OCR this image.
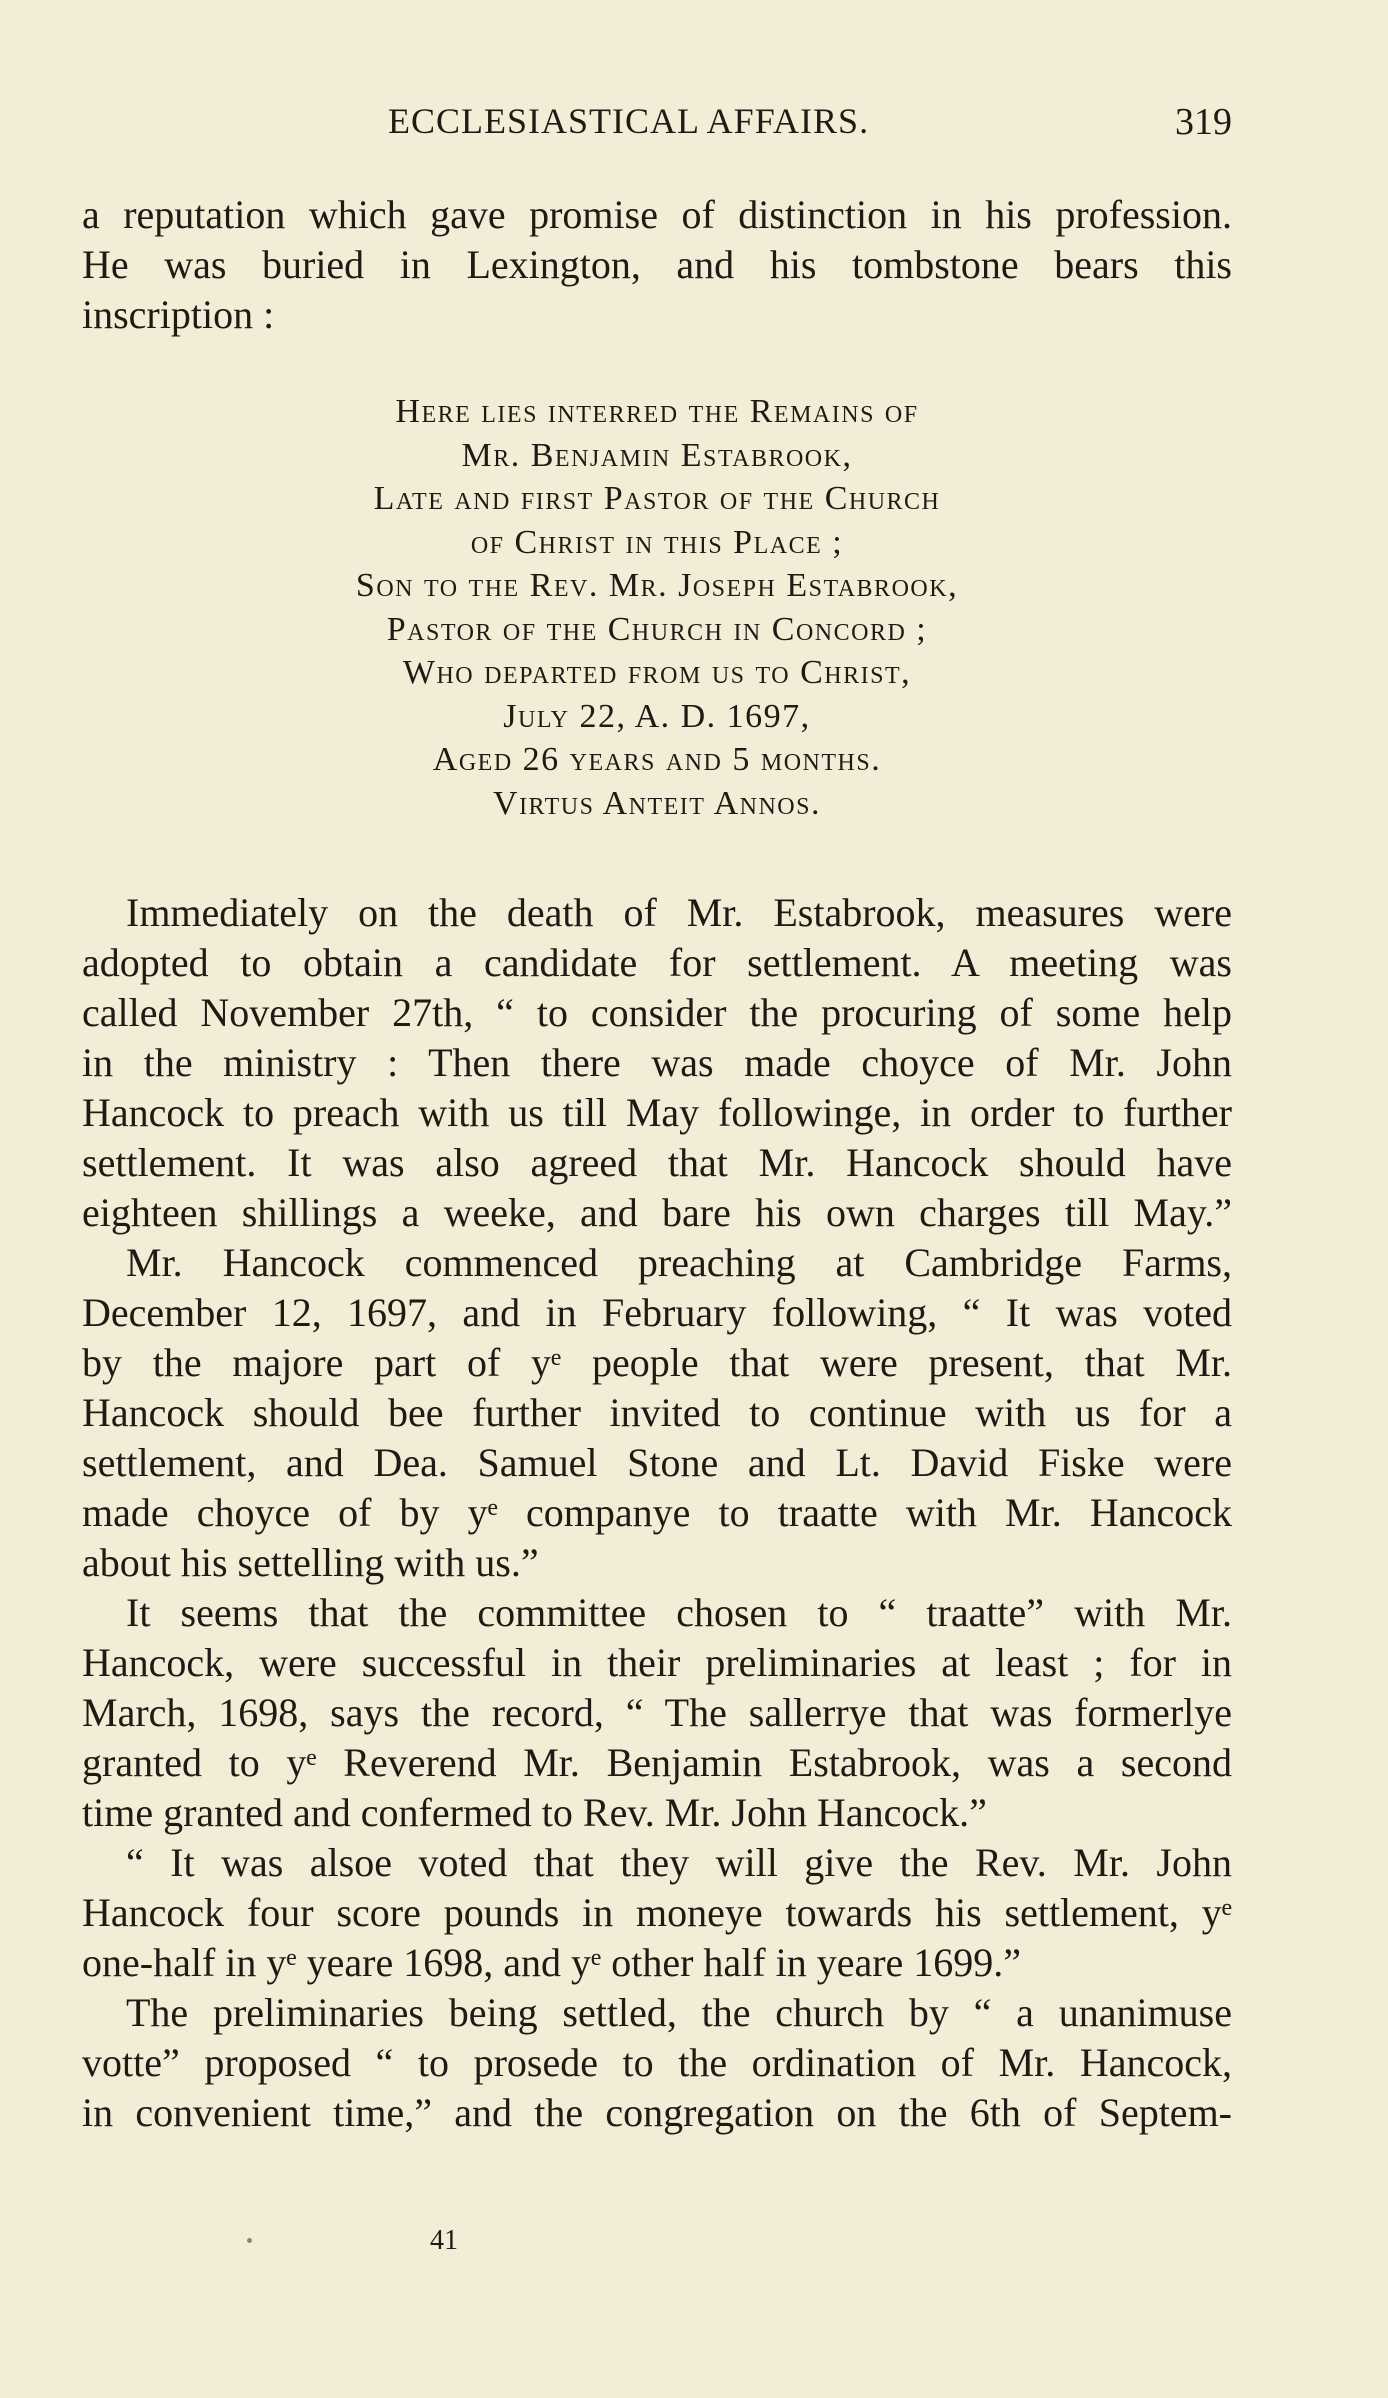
ECCLESIASTICAL AFFAIRS.	319

a reputation which gave promise of distinction in his profession.
He was buried in Lexington, and his tombstone bears this
inscription :

Here lies interred the Remains of
Mr. Benjamin Estabrook,
Late and first Pastor of the Church
of Christ in this Place ;
Son to the Rev. Mr. Joseph Estabrook,
Pastor of the Church in Concord ;
Who departed from us to Christ,
July 22, A. D. 1697,
Aged 26 years and 5 months.
Virtus Anteit Annos.

Immediately on the death of Mr. Estabrook, measures were
adopted to obtain a candidate for settlement. A meeting was
called November 27th, “ to consider the procuring of some help
in the ministry : Then there was made choyce of Mr. John
Hancock to preach with us till May followinge, in order to further
settlement. It was also agreed that Mr. Hancock should have
eighteen shillings a weeke, and bare his own charges till May.”
Mr. Hancock commenced preaching at Cambridge Farms,
December 12, 1697, and in February following, “ It was voted
by the majore part of yᵉ people that were present, that Mr.
Hancock should bee further invited to continue with us for a
settlement, and Dea. Samuel Stone and Lt. David Fiske were
made choyce of by yᵉ companye to traatte with Mr. Hancock
about his settelling with us.”
It seems that the committee chosen to “ traatte” with Mr.
Hancock, were successful in their preliminaries at least ; for in
March, 1698, says the record, “ The sallerrye that was formerlye
granted to yᵉ Reverend Mr. Benjamin Estabrook, was a second
time granted and confermed to Rev. Mr. John Hancock.”
“ It was alsoe voted that they will give the Rev. Mr. John
Hancock four score pounds in moneye towards his settlement, yᵉ
one-half in yᵉ yeare 1698, and yᵉ other half in yeare 1699.”
The preliminaries being settled, the church by “ a unanimuse
votte” proposed “ to prosede to the ordination of Mr. Hancock,
in convenient time,” and the congregation on the 6th of Septem-

41
